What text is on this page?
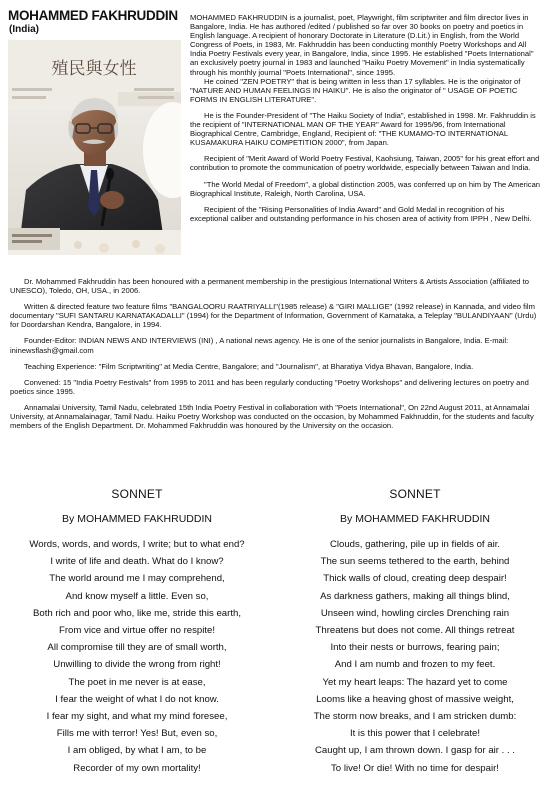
MOHAMMED FAKHRUDDIN
(India)
殖民與女性

MOHAMMED FAKHRUDDIN is a journalist, poet, Playwright, film scriptwriter and film director lives in Bangalore, India. He has authored /edited / published so far over 30 books on poetry and poetics in English language. A recipient of honorary Doctorate in Literature (D.Lit.) in English, from the World Congress of Poets, in 1983, Mr. Fakhruddin has been conducting monthly Poetry Workshops and All India Poetry Festivals every year, in Bangalore, India, since 1995. He established "Poets International" an exclusively poetry journal in 1983 and launched "Haiku Poetry Movement" in India systematically through his monthly journal "Poets International", since 1995.

He coined "ZEN POETRY" that is being written in less than 17 syllables. He is the originator of "NATURE AND HUMAN FEELINGS IN HAIKU". He is also the originator of " USAGE OF POETIC FORMS IN ENGLISH LITERATURE".

He is the Founder-President of "The Haiku Society of India", established in 1998. Mr. Fakhruddin is the recipient of "INTERNATIONAL MAN OF THE YEAR" Award for 1995/96, from International Biographical Centre, Cambridge, England, Recipient of: "THE KUMAMO-TO INTERNATIONAL KUSAMAKURA HAIKU COMPETITION 2000", from Japan.

Recipient of "Merit Award of World Poetry Festival, Kaohsiung, Taiwan, 2005" for his great effort and contribution to promote the communication of poetry worldwide, especially between Taiwan and India.

"The World Medal of Freedom", a global distinction 2005, was conferred up on him by The American Biographical Institute, Raleigh, North Carolina, USA.

Recipient of the "Rising Personalities of India Award" and Gold Medal in recognition of his exceptional caliber and outstanding performance in his chosen area of activity from IPPH , New Delhi.

Dr. Mohammed Fakhruddin has been honoured with a permanent membership in the prestigious International Writers & Artists Association (affiliated to UNESCO), Toledo, OH, USA., in 2006.

Written & directed feature two feature films "BANGALOORU RAATRIYALLI"(1985 release) & "GIRI MALLIGE" (1992 release) in Kannada, and video film documentary "SUFI SANTARU KARNATAKADALLI" (1994) for the Department of Information, Government of Karnataka, a Teleplay "BULANDIYAAN" (Urdu) for Doordarshan Kendra, Bangalore, in 1994.

Founder-Editor: INDIAN NEWS AND INTERVIEWS (INI) , A national news agency. He is one of the senior journalists in Bangalore, India. E-mail: ininewsflash@gmail.com

Teaching Experience: "Film Scriptwriting" at Media Centre, Bangalore; and "Journalism", at Bharatiya Vidya Bhavan, Bangalore, India.

Convened: 15 "India Poetry Festivals" from 1995 to 2011 and has been regularly conducting "Poetry Workshops" and delivering lectures on poetry and poetics since 1995.

Annamalai University, Tamil Nadu, celebrated 15th India Poetry Festival in collaboration with "Poets International", On 22nd August 2011, at Annamalai University, at Annamalainagar, Tamil Nadu. Haiku Poetry Workshop was conducted on the occasion, by Mohammed Fakhruddin, for the students and faculty members of the English Department. Dr. Mohammed Fakhruddin was honoured by the University on the occasion.

SONNET
By MOHAMMED FAKHRUDDIN
Words, words, and words, I write; but to what end?
I write of life and death. What do I know?
The world around me I may comprehend,
And know myself a little. Even so,
Both rich and poor who, like me, stride this earth,
From vice and virtue offer no respite!
All compromise till they are of small worth,
Unwilling to divide the wrong from right!
The poet in me never is at ease,
I fear the weight of what I do not know.
I fear my sight, and what my mind foresee,
Fills me with terror! Yes! But, even so,
I am obliged, by what I am, to be
Recorder of my own mortality!
SONNET
By MOHAMMED FAKHRUDDIN
Clouds, gathering, pile up in fields of air.
The sun seems tethered to the earth, behind
Thick walls of cloud, creating deep despair!
As darkness gathers, making all things blind,
Unseen wind, howling circles Drenching rain
Threatens but does not come. All things retreat
Into their nests or burrows, fearing pain;
And I am numb and frozen to my feet.
Yet my heart leaps: The hazard yet to come
Looms like a heaving ghost of massive weight,
The storm now breaks, and I am stricken dumb:
It is this power that I celebrate!
Caught up, I am thrown down. I gasp for air . . .
To live! Or die! With no time for despair!
